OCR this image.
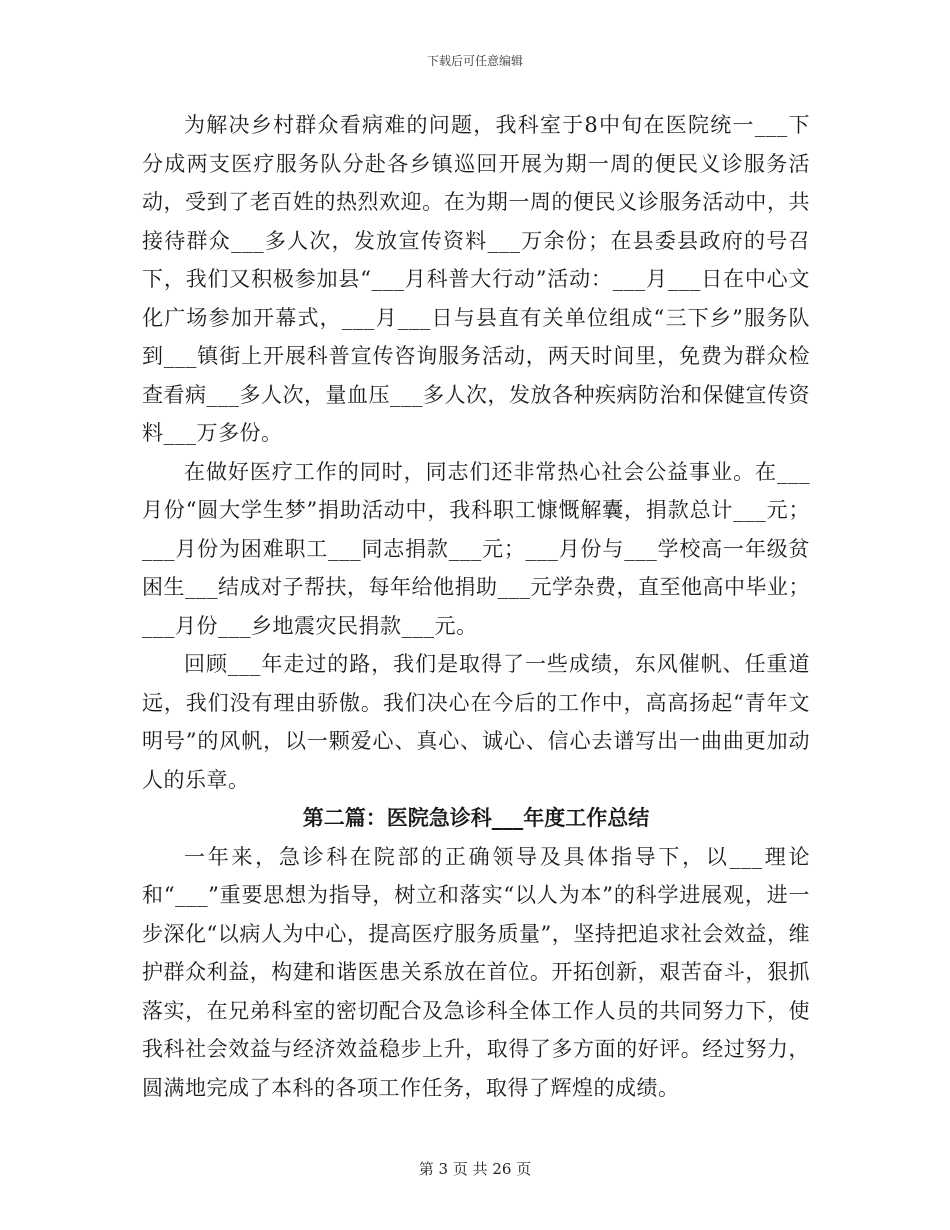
下载后可任意编辑

为解决乡村群众看病难的问题，我科室于8中旬在医院统一___下分成两支医疗服务队分赴各乡镇巡回开展为期一周的便民义诊服务活动，受到了老百姓的热烈欢迎。在为期一周的便民义诊服务活动中，共接待群众___多人次，发放宣传资料___万余份；在县委县政府的号召下，我们又积极参加县“___月科普大行动”活动：___月___日在中心文化广场参加开幕式，___月___日与县直有关单位组成“三下乡”服务队到___镇街上开展科普宣传咨询服务活动，两天时间里，免费为群众检查看病___多人次，量血压___多人次，发放各种疾病防治和保健宣传资料___万多份。

在做好医疗工作的同时，同志们还非常热心社会公益事业。在___月份“圆大学生梦”捐助活动中，我科职工慷慨解囊，捐款总计___元；___月份为困难职工___同志捐款___元；___月份与___学校高一年级贫困生___结成对子帮扶，每年给他捐助___元学杂费，直至他高中毕业；___月份___乡地震灾民捐款___元。

回顾___年走过的路，我们是取得了一些成绩，东风催帆、任重道远，我们没有理由骄傲。我们决心在今后的工作中，高高扬起“青年文明号”的风帆，以一颗爱心、真心、诚心、信心去谱写出一曲曲更加动人的乐章。

第二篇：医院急诊科___年度工作总结

一年来，急诊科在院部的正确领导及具体指导下，以___理论和“___”重要思想为指导，树立和落实“以人为本”的科学进展观，进一步深化“以病人为中心，提高医疗服务质量”，坚持把追求社会效益，维护群众利益，构建和谐医患关系放在首位。开拓创新，艰苦奋斗，狠抓落实，在兄弟科室的密切配合及急诊科全体工作人员的共同努力下，使我科社会效益与经济效益稳步上升，取得了多方面的好评。经过努力，圆满地完成了本科的各项工作任务，取得了辉煌的成绩。

第 3 页 共 26 页
